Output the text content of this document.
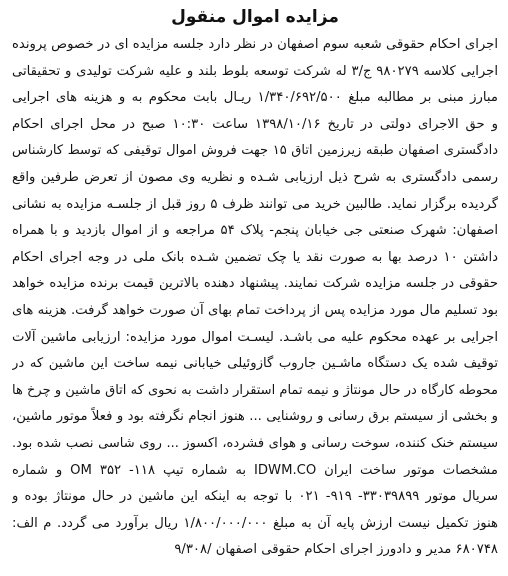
مزایده اموال منقول
اجرای احکام حقوقی شعبه سوم اصفهان در نظر دارد جلسه مزایده ای در خصوص پرونده
اجرایی کلاسه ۹۸۰۲۷۹ ج/۳ له شرکت توسعه بلوط بلند و علیه شرکت تولیدی و تحقیقاتی
مبارز مبنی بر مطالبه مبلغ ۱/۳۴۰/۶۹۲/۵۰۰ ریـال بابت محکوم به و هزینه های اجرایی
و حق الاجرای دولتی در تاریخ ۱۳۹۸/۱۰/۱۶ ساعت ۱۰:۳۰ صبح در محل اجرای احکام
دادگستری اصفهان طبقه زیرزمین اتاق ۱۵ جهت فروش اموال توقیفی که توسط کارشناس
رسمی دادگستری به شرح ذیل ارزیابی شـده و نظریه وی مصون از تعرض طرفین واقع
گردیده برگزار نماید. طالبین خرید می توانند ظرف ۵ روز قبل از جلسـه مزایده به نشانی
اصفهان: شهرک صنعتی جی خیابان پنجم- پلاک ۵۴ مراجعه و از اموال بازدید و با همراه
داشتن ۱۰ درصد بها به صورت نقد یا چک تضمین شـده بانک ملی در وجه اجرای احکام
حقوقی در جلسه مزایده شرکت نمایند. پیشنهاد دهنده بالاترین قیمت برنده مزایده خواهد
بود تسلیم مال مورد مزایده پس از پرداخت تمام بهای آن صورت خواهد گرفت. هزینه های
اجرایی بر عهده محکوم علیه می باشـد. لیسـت اموال مورد مزایده: ارزیابی ماشین آلات
توقیف شده یک دستگاه ماشـین جاروب گازوئیلی خیابانی نیمه ساخت این ماشین که در
محوطه کارگاه در حال مونتاژ و نیمه تمام استقرار داشت به نحوی که اتاق ماشین و چرخ ها
و بخشی از سیستم برق رسانی و روشنایی ... هنوز انجام نگرفته بود و فعلاً موتور ماشین،
سیستم خنک کننده، سوخت رسانی و هوای فشرده، اکسوز ... روی شاسی نصب شده بود.
مشخصات موتور ساخت ایران IDWM.CO به شماره تیپ ۱۱۸- ۳۵۲ OM و شماره
سریال موتور ۳۳۰۳۹۸۹۹- ۹۱۹- ۰۲۱ با توجه به اینکه این ماشین در حال مونتاژ بوده و
هنوز تکمیل نیست ارزش پایه آن به مبلغ ۱/۸۰۰/۰۰۰/۰۰۰ ریال برآورد می گردد. م الف:
۶۸۰۷۴۸ مدیر و دادورز اجرای احکام حقوقی اصفهان /۹/۳۰۸
